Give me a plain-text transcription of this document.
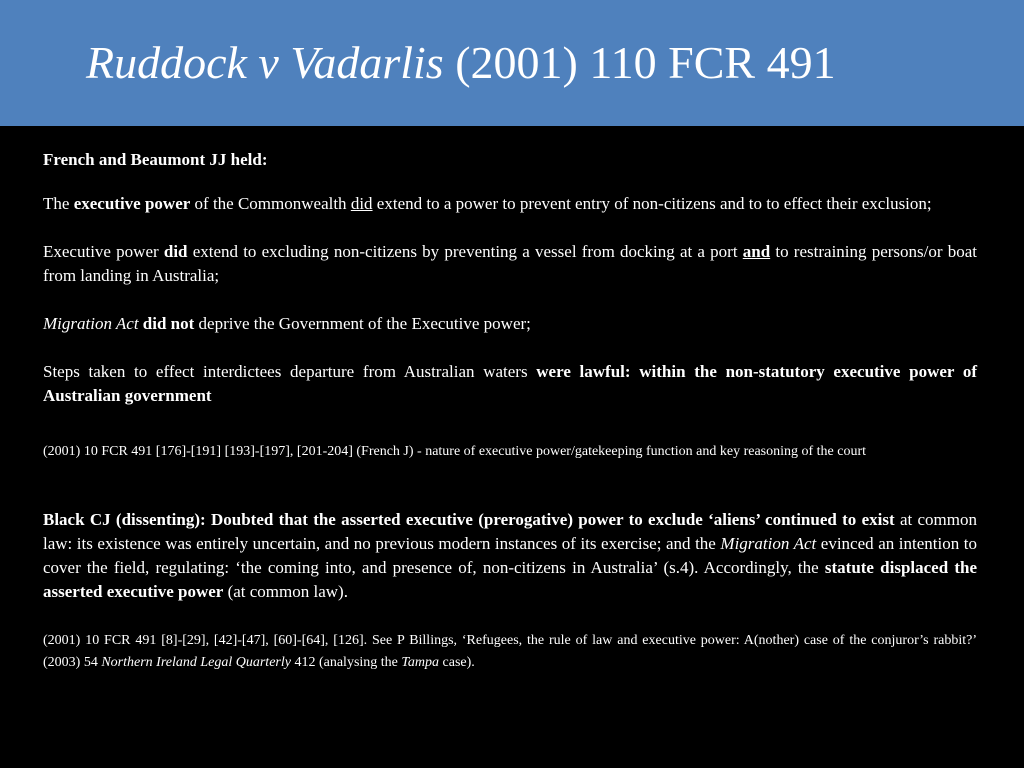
Ruddock v Vadarlis (2001) 110 FCR 491

French and Beaumont JJ held:

The executive power of the Commonwealth did extend to a power to prevent entry of non-citizens and to to effect their exclusion;

Executive power did extend to excluding non-citizens by preventing a vessel from docking at a port and to restraining persons/or boat from landing in Australia;

Migration Act did not deprive the Government of the Executive power;

Steps taken to effect interdictees departure from Australian waters were lawful: within the non-statutory executive power of Australian government

(2001) 10 FCR 491 [176]-[191] [193]-[197], [201-204] (French J) - nature of executive power/gatekeeping function and key reasoning of the court

Black CJ (dissenting): Doubted that the asserted executive (prerogative) power to exclude ‘aliens’ continued to exist at common law: its existence was entirely uncertain, and no previous modern instances of its exercise; and the Migration Act evinced an intention to cover the field, regulating: ‘the coming into, and presence of, non-citizens in Australia’ (s.4). Accordingly, the statute displaced the asserted executive power (at common law).

(2001) 10 FCR 491 [8]-[29], [42]-[47], [60]-[64], [126]. See P Billings, ‘Refugees, the rule of law and executive power: A(nother) case of the conjuror’s rabbit?’ (2003) 54 Northern Ireland Legal Quarterly 412 (analysing the Tampa case).
